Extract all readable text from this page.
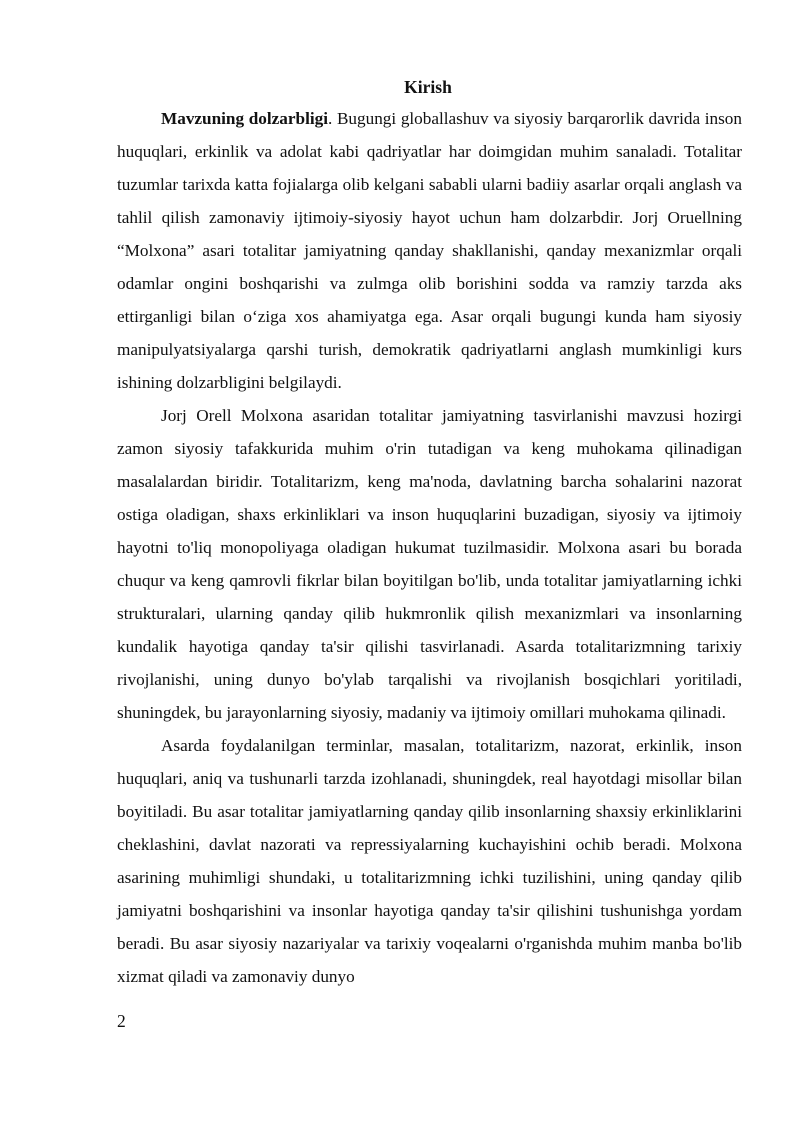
Kirish

Mavzuning dolzarbligi. Bugungi globallashuv va siyosiy barqarorlik davrida inson huquqlari, erkinlik va adolat kabi qadriyatlar har doimgidan muhim sanaladi. Totalitar tuzumlar tarixda katta fojialarga olib kelgani sababli ularni badiiy asarlar orqali anglash va tahlil qilish zamonaviy ijtimoiy-siyosiy hayot uchun ham dolzarbdir. Jorj Oruellning “Molxona” asari totalitar jamiyatning qanday shakllanishi, qanday mexanizmlar orqali odamlar ongini boshqarishi va zulmga olib borishini sodda va ramziy tarzda aks ettirganligi bilan o‘ziga xos ahamiyatga ega. Asar orqali bugungi kunda ham siyosiy manipulyatsiyalarga qarshi turish, demokratik qadriyatlarni anglash mumkinligi kurs ishining dolzarbligini belgilaydi.

Jorj Orell Molxona asaridan totalitar jamiyatning tasvirlanishi mavzusi hozirgi zamon siyosiy tafakkurida muhim o'rin tutadigan va keng muhokama qilinadigan masalalardan biridir. Totalitarizm, keng ma'noda, davlatning barcha sohalarini nazorat ostiga oladigan, shaxs erkinliklari va inson huquqlarini buzadigan, siyosiy va ijtimoiy hayotni to'liq monopoliyaga oladigan hukumat tuzilmasidir. Molxona asari bu borada chuqur va keng qamrovli fikrlar bilan boyitilgan bo'lib, unda totalitar jamiyatlarning ichki strukturalari, ularning qanday qilib hukmronlik qilish mexanizmlari va insonlarning kundalik hayotiga qanday ta'sir qilishi tasvirlanadi. Asarda totalitarizmning tarixiy rivojlanishi, uning dunyo bo'ylab tarqalishi va rivojlanish bosqichlari yoritiladi, shuningdek, bu jarayonlarning siyosiy, madaniy va ijtimoiy omillari muhokama qilinadi.

Asarda foydalanilgan terminlar, masalan, totalitarizm, nazorat, erkinlik, inson huquqlari, aniq va tushunarli tarzda izohlanadi, shuningdek, real hayotdagi misollar bilan boyitiladi. Bu asar totalitar jamiyatlarning qanday qilib insonlarning shaxsiy erkinliklarini cheklashini, davlat nazorati va repressiyalarning kuchayishini ochib beradi. Molxona asarining muhimligi shundaki, u totalitarizmning ichki tuzilishini, uning qanday qilib jamiyatni boshqarishini va insonlar hayotiga qanday ta'sir qilishini tushunishga yordam beradi. Bu asar siyosiy nazariyalar va tarixiy voqealarni o'rganishda muhim manba bo'lib xizmat qiladi va zamonaviy dunyo

2
